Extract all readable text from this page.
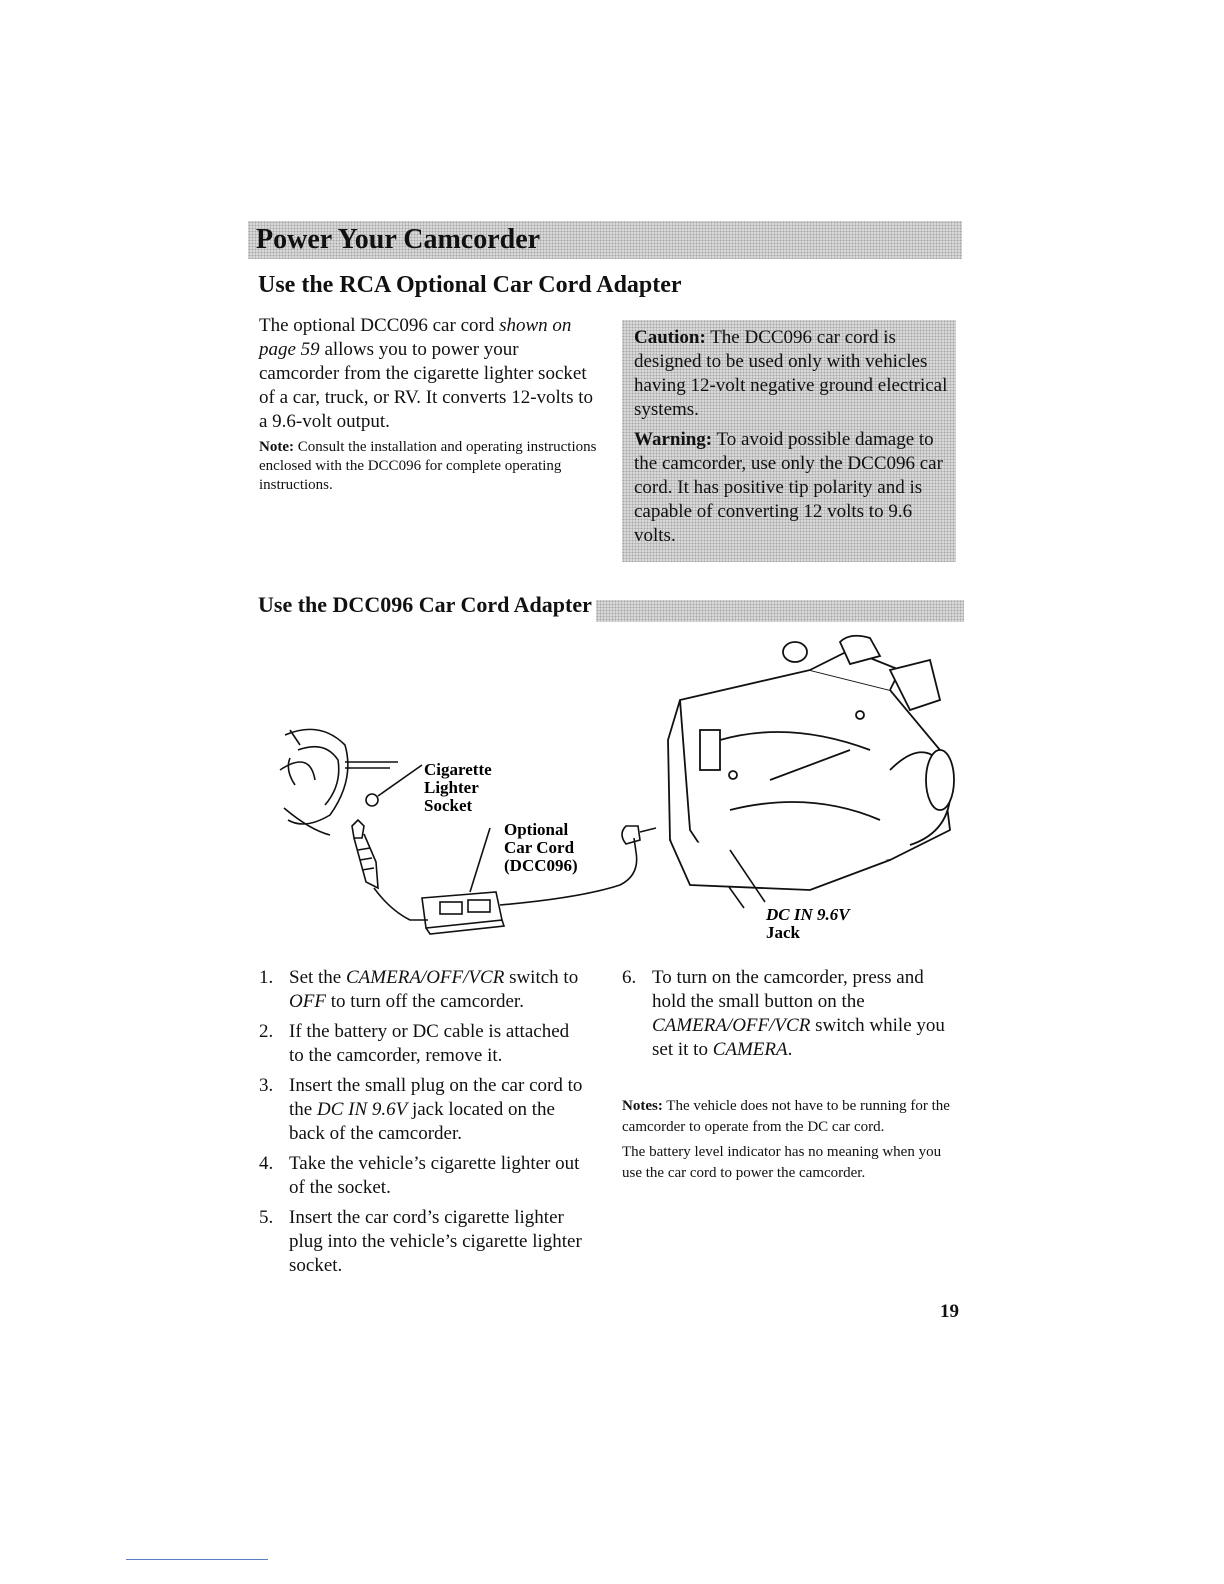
Power Your Camcorder
Use the RCA Optional Car Cord Adapter
The optional DCC096 car cord shown on page 59 allows you to power your camcorder from the cigarette lighter socket of a car, truck, or RV. It converts 12-volts to a 9.6-volt output.
Note: Consult the installation and operating instructions enclosed with the DCC096 for complete operating instructions.
Caution: The DCC096 car cord is designed to be used only with vehicles having 12-volt negative ground electrical systems.
Warning: To avoid possible damage to the camcorder, use only the DCC096 car cord. It has positive tip polarity and is capable of converting 12 volts to 9.6 volts.
Use the DCC096 Car Cord Adapter
Cigarette
Lighter
Socket
Optional
Car Cord
(DCC096)
DC IN 9.6V
Jack
1. Set the CAMERA/OFF/VCR switch to
OFF to turn off the camcorder.
2. If the battery or DC cable is attached
to the camcorder, remove it.
3. Insert the small plug on the car cord to
the DC IN 9.6V jack located on the
back of the camcorder.
4. Take the vehicle’s cigarette lighter out
of the socket.
5. Insert the car cord’s cigarette lighter
plug into the vehicle’s cigarette lighter
socket.
6. To turn on the camcorder, press and
hold the small button on the
CAMERA/OFF/VCR switch while you
set it to CAMERA.

Notes: The vehicle does not have to be running for the camcorder to operate from the DC car cord.

The battery level indicator has no meaning when you use the car cord to power the camcorder.

19
